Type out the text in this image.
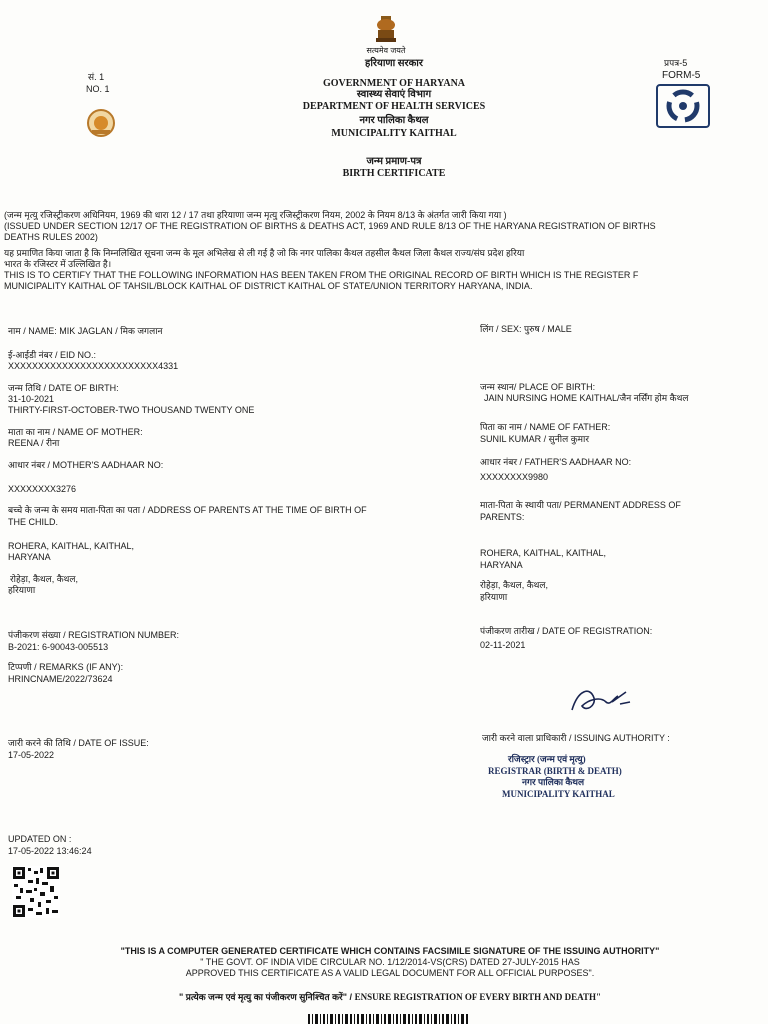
सत्यमेव जयते
सं. 1
NO. 1
हरियाणा सरकार
GOVERNMENT OF HARYANA
स्वास्थ्य सेवाएं विभाग
DEPARTMENT OF HEALTH SERVICES
नगर पालिका कैथल
MUNICIPALITY KAITHAL
प्रपत्र-5
FORM-5
जन्म प्रमाण-पत्र
BIRTH CERTIFICATE
(जन्म मृत्यु रजिस्ट्रीकरण अधिनियम, 1969 की धारा 12 / 17 तथा हरियाणा जन्म मृत्यु रजिस्ट्रीकरण नियम, 2002 के नियम 8/13 के अंतर्गत जारी किया गया )
(ISSUED UNDER SECTION 12/17 OF THE REGISTRATION OF BIRTHS & DEATHS ACT, 1969 AND RULE 8/13 OF THE HARYANA REGISTRATION OF BIRTHS
DEATHS RULES 2002)
यह प्रमाणित किया जाता है कि निम्नलिखित सूचना जन्म के मूल अभिलेख से ली गई है जो कि नगर पालिका कैथल तहसील कैथल जिला कैथल राज्य/संघ प्रदेश हरिया
भारत के रजिस्टर में उल्लिखित है।
THIS IS TO CERTIFY THAT THE FOLLOWING INFORMATION HAS BEEN TAKEN FROM THE ORIGINAL RECORD OF BIRTH WHICH IS THE REGISTER F
MUNICIPALITY KAITHAL OF TAHSIL/BLOCK KAITHAL OF DISTRICT KAITHAL OF STATE/UNION TERRITORY HARYANA, INDIA.
नाम / NAME: MIK JAGLAN / मिक जगलान
ई-आईडी नंबर / EID NO.:
XXXXXXXXXXXXXXXXXXXXXXXXX4331
जन्म तिथि / DATE OF BIRTH:
31-10-2021
THIRTY-FIRST-OCTOBER-TWO THOUSAND TWENTY ONE
माता का नाम / NAME OF MOTHER:
REENA / रीना
आधार नंबर / MOTHER'S AADHAAR NO:
XXXXXXXX3276
बच्चे के जन्म के समय माता-पिता का पता / ADDRESS OF PARENTS AT THE TIME OF BIRTH OF
THE CHILD.
ROHERA, KAITHAL, KAITHAL,
HARYANA
रोहेड़ा, कैथल, कैथल,
हरियाणा
पंजीकरण संख्या / REGISTRATION NUMBER:
B-2021: 6-90043-005513
टिप्पणी / REMARKS (IF ANY):
HRINCNAME/2022/73624
जारी करने की तिथि / DATE OF ISSUE:
17-05-2022
UPDATED ON :
17-05-2022 13:46:24
लिंग / SEX: पुरुष / MALE
जन्म स्थान/ PLACE OF BIRTH:
JAIN NURSING HOME KAITHAL/जैन नर्सिंग होम कैथल
पिता का नाम / NAME OF FATHER:
SUNIL KUMAR / सुनील कुमार
आधार नंबर / FATHER'S AADHAAR NO:
XXXXXXXX9980
माता-पिता के स्थायी पता/ PERMANENT ADDRESS OF
PARENTS:
ROHERA, KAITHAL, KAITHAL,
HARYANA
रोहेड़ा, कैथल, कैथल,
हरियाणा
पंजीकरण तारीख / DATE OF REGISTRATION:
02-11-2021
जारी करने वाला प्राधिकारी / ISSUING AUTHORITY :
रजिस्ट्रार (जन्म एवं मृत्यु)
REGISTRAR (BIRTH & DEATH)
नगर पालिका कैथल
MUNICIPALITY KAITHAL
"THIS IS A COMPUTER GENERATED CERTIFICATE WHICH CONTAINS FACSIMILE SIGNATURE OF THE ISSUING AUTHORITY"
" THE GOVT. OF INDIA VIDE CIRCULAR NO. 1/12/2014-VS(CRS) DATED 27-JULY-2015 HAS
APPROVED THIS CERTIFICATE AS A VALID LEGAL DOCUMENT FOR ALL OFFICIAL PURPOSES".
" प्रत्येक जन्म एवं मृत्यु का पंजीकरण सुनिश्चित करें" / ENSURE REGISTRATION OF EVERY BIRTH AND DEATH"
